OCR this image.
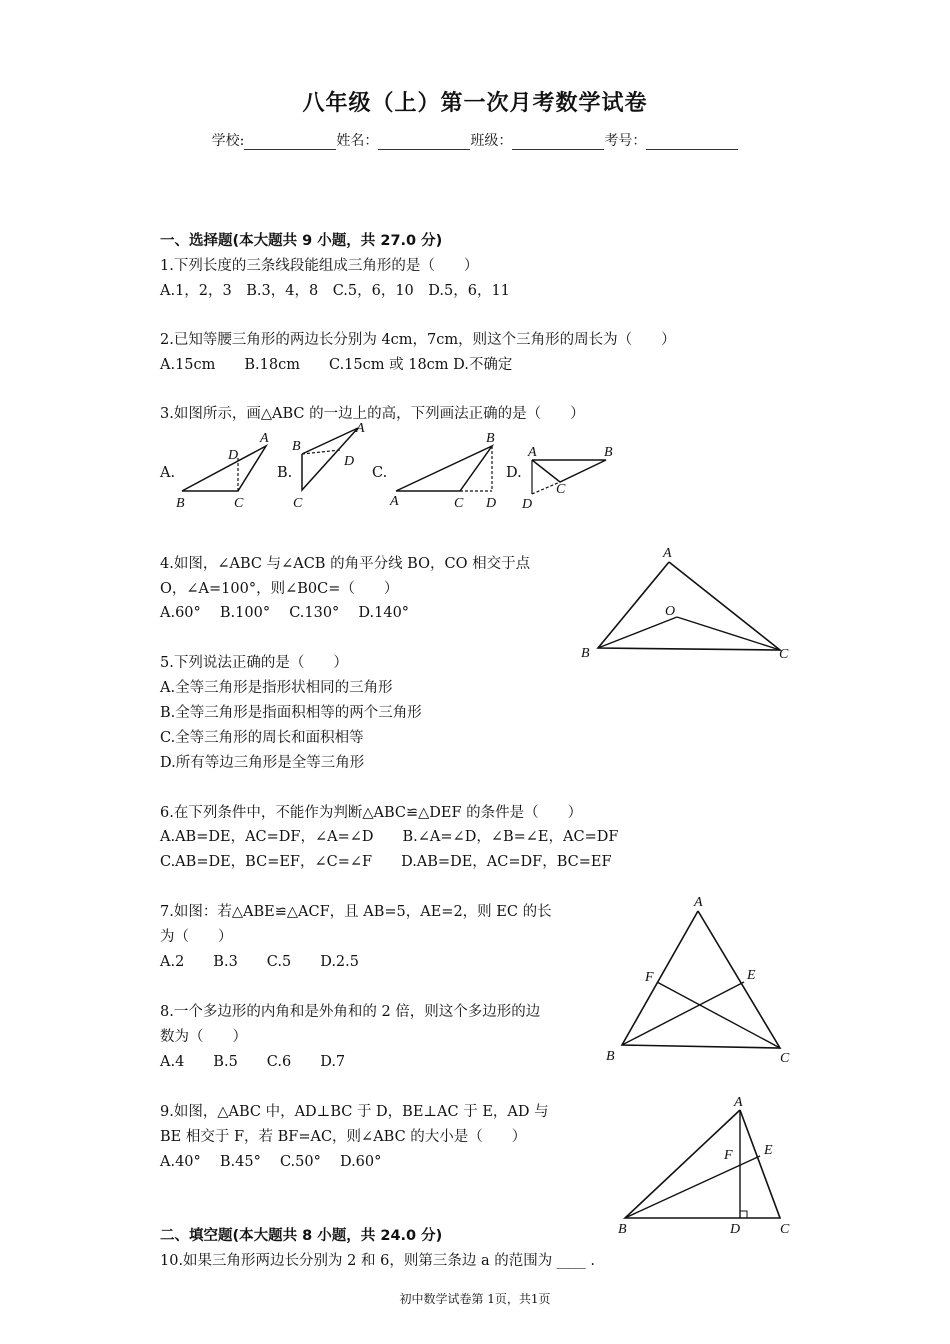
八年级（上）第一次月考数学试卷
学校:	姓名：	班级：	考号：
一、选择题(本大题共 9 小题，共 27.0 分)
1.下列长度的三条线段能组成三角形的是（　　）
A.1，2，3　B.3，4，8　C.5，6，10　D.5，6，11
2.已知等腰三角形的两边长分别为 4cm，7cm，则这个三角形的周长为（　　）
A.15cm　　B.18cm　　C.15cm 或 18cm D.不确定
3.如图所示，画△ABC 的一边上的高，下列画法正确的是（　　）
A.	B.	C.	D.
A
D
B	C
A
B
D
C
B
A	C D
A	B
C
D
4.如图，∠ABC 与∠ACB 的角平分线 BO，CO 相交于点
O，∠A=100°，则∠B0C=（　　）
A.60°　 B.100°　 C.130°　 D.140°
A
O
B	C
5.下列说法正确的是（　　）
A.全等三角形是指形状相同的三角形
B.全等三角形是指面积相等的两个三角形
C.全等三角形的周长和面积相等
D.所有等边三角形是全等三角形
6.在下列条件中，不能作为判断△ABC≌△DEF 的条件是（　　）
A.AB=DE，AC=DF，∠A=∠D　　B.∠A=∠D，∠B=∠E，AC=DF
C.AB=DE，BC=EF，∠C=∠F　　D.AB=DE，AC=DF，BC=EF
7.如图：若△ABE≌△ACF，且 AB=5，AE=2，则 EC 的长
为（　　）
A.2　　B.3　　C.5　　D.2.5
A
F	E
B	C
8.一个多边形的内角和是外角和的 2 倍，则这个多边形的边
数为（　　）
A.4　　B.5　　C.6　　D.7
9.如图，△ABC 中，AD⊥BC 于 D，BE⊥AC 于 E，AD 与
BE 相交于 F，若 BF=AC，则∠ABC 的大小是（　　）
A.40°　 B.45°　 C.50°　 D.60°
A
F E
B	D	C
二、填空题(本大题共 8 小题，共 24.0 分)
10.如果三角形两边长分别为 2 和 6，则第三条边 a 的范围为 ____ .
初中数学试卷第 1页，共1页
